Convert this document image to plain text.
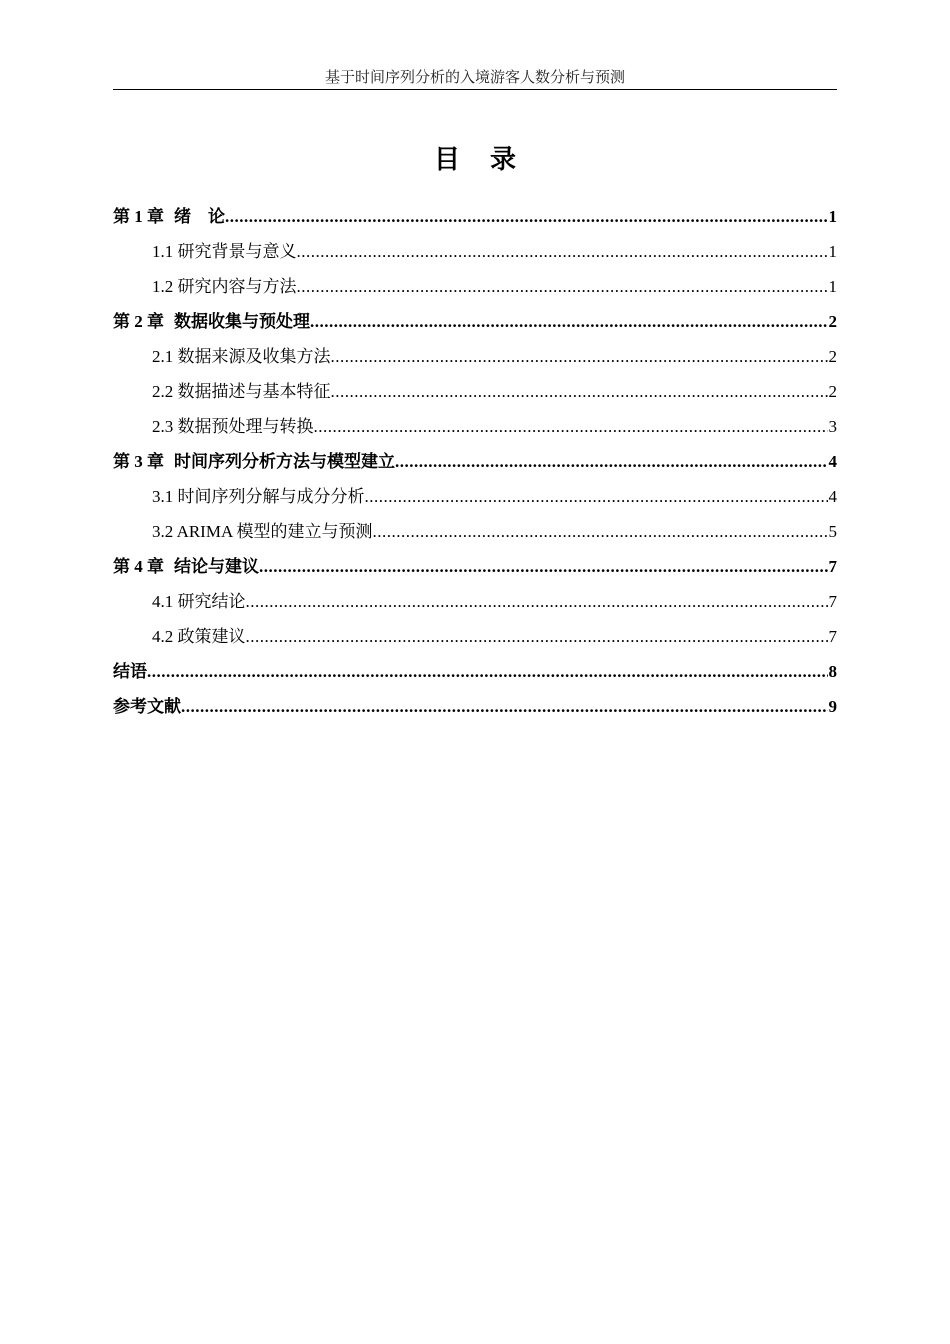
基于时间序列分析的入境游客人数分析与预测
目录
第 1 章 绪　论 .....	1
1.1 研究背景与意义 .....	1
1.2 研究内容与方法 .....	1
第 2 章 数据收集与预处理 .....	2
2.1 数据来源及收集方法 .....	2
2.2 数据描述与基本特征 .....	2
2.3 数据预处理与转换 .....	3
第 3 章 时间序列分析方法与模型建立 .....	4
3.1 时间序列分解与成分分析 .....	4
3.2 ARIMA 模型的建立与预测 .....	5
第 4 章 结论与建议 .....	7
4.1 研究结论 .....	7
4.2 政策建议 .....	7
结语 .....	8
参考文献 .....	9
